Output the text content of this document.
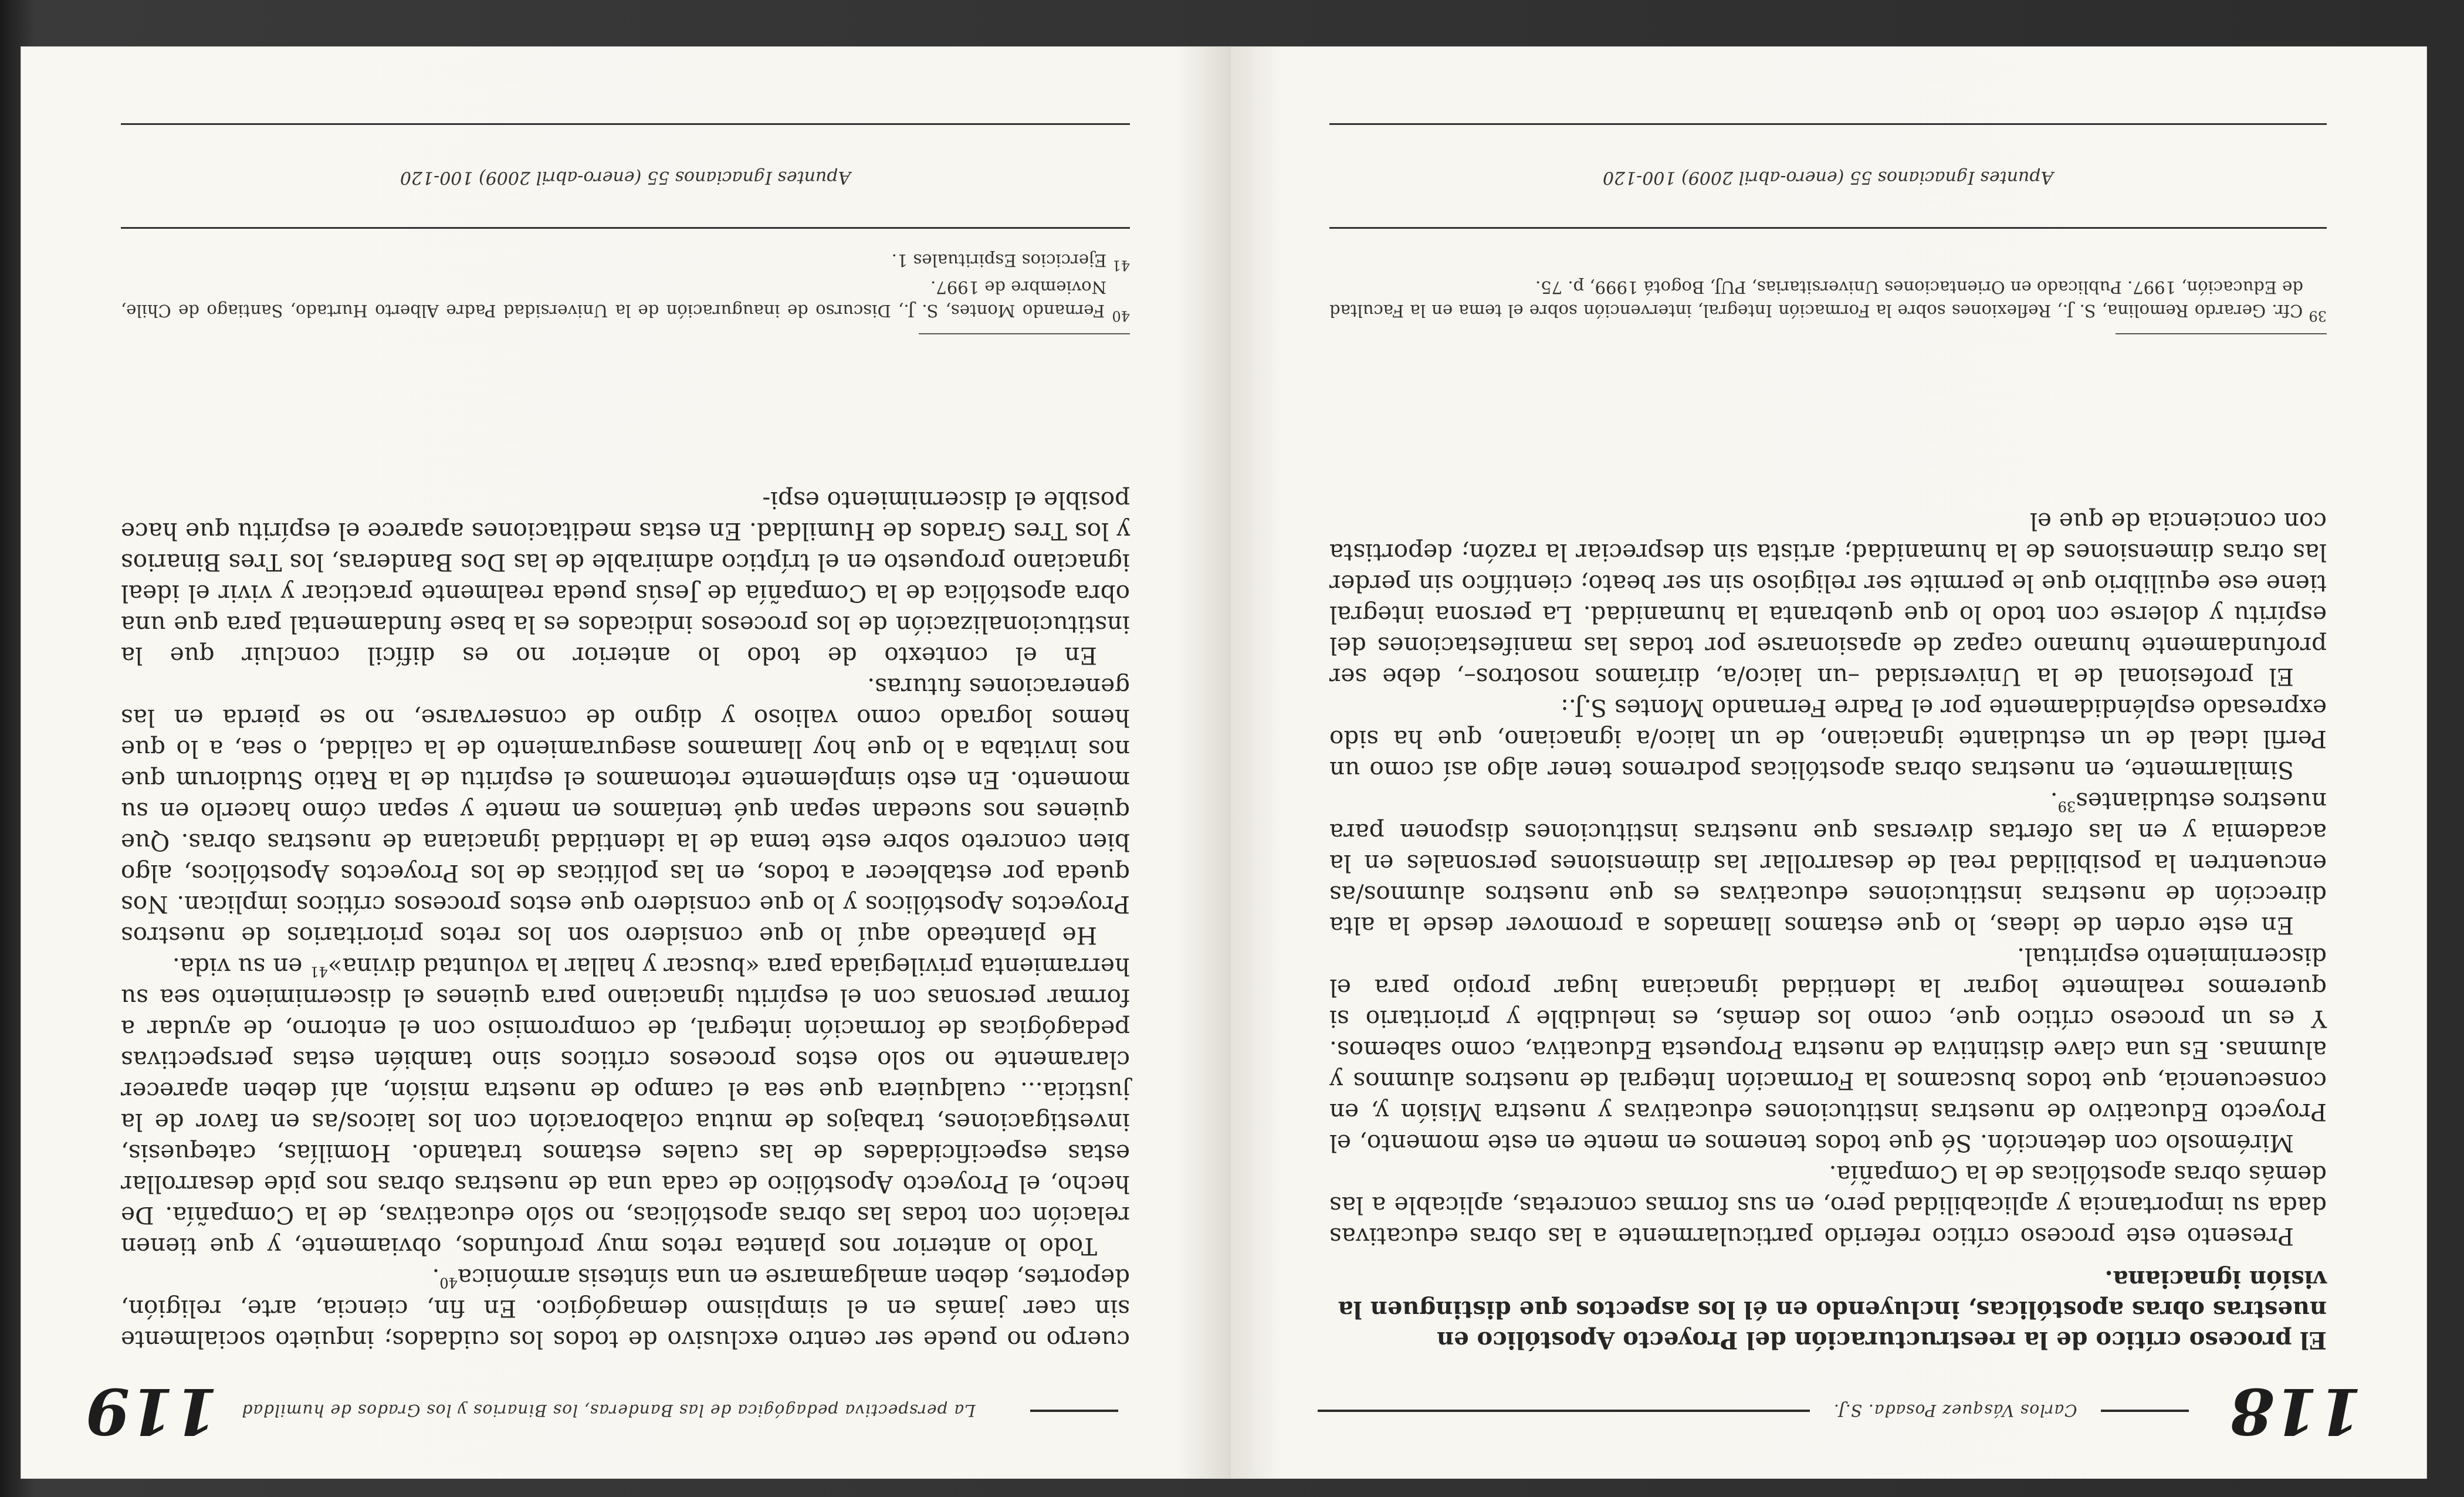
118
Carlos Vásquez Posada. S.J.
El proceso crítico de la reestructuración del Proyecto Apostólico en nuestras obras apostólicas, incluyendo en él los aspectos que distinguen la visión ignaciana.

Presento este proceso crítico referido particularmente a las obras educativas dada su importancia y aplicabilidad pero, en sus formas concretas, aplicable a las demás obras apostólicas de la Compañía.

Mirémoslo con detención. Sé que todos tenemos en mente en este momento, el Proyecto Educativo de nuestras instituciones educativas y nuestra Misión y, en consecuencia, que todos buscamos la Formación Integral de nuestros alumnos y alumnas. Es una clave distintiva de nuestra Propuesta Educativa, como sabemos. Y es un proceso crítico que, como los demás, es ineludible y prioritario si queremos realmente lograr la identidad ignaciana lugar propio para el discernimiento espiritual.

En este orden de ideas, lo que estamos llamados a promover desde la alta dirección de nuestras instituciones educativas es que nuestros alumnos/as encuentren la posibilidad real de desarrollar las dimensiones personales en la academia y en las ofertas diversas que nuestras instituciones disponen para nuestros estudiantes$^{39}$.

Similarmente, en nuestras obras apostólicas podremos tener algo así como un Perfil ideal de un estudiante ignaciano, de un laico/a ignaciano, que ha sido expresado espléndidamente por el Padre Fernando Montes S.J.:

El profesional de la Universidad –un laico/a, diríamos nosotros–, debe ser profundamente humano capaz de apasionarse por todas las manifestaciones del espíritu y dolerse con todo lo que quebranta la humanidad. La persona integral tiene ese equilibrio que le permite ser religioso sin ser beato; científico sin perder las otras dimensiones de la humanidad; artista sin despreciar la razón; deportista con conciencia de que el

$^{39}$ Cfr. Gerardo Remolina, S. J., Reflexiones sobre la Formación Integral, intervención sobre el tema en la Facultad de Educación, 1997. Publicado en Orientaciones Universitarias, PUJ, Bogotá 1999, p. 75.

Apuntes Ignacianos 55 (enero-abril 2009) 100-120
La perspectiva pedagógica de las Banderas, los Binarios y los Grados de humildad
119

cuerpo no puede ser centro exclusivo de todos los cuidados; inquieto socialmente sin caer jamás en el simplismo demagógico. En fin, ciencia, arte, religión, deportes, deben amalgamarse en una síntesis armónica$^{40}$.

Todo lo anterior nos plantea retos muy profundos, obviamente, y que tienen relación con todas las obras apostólicas, no sólo educativas, de la Compañía. De hecho, el Proyecto Apostólico de cada una de nuestras obras nos pide desarrollar estas especificidades de las cuales estamos tratando. Homilías, catequesis, investigaciones, trabajos de mutua colaboración con los laicos/as en favor de la justicia... cualquiera que sea el campo de nuestra misión, ahí deben aparecer claramente no solo estos procesos críticos sino también estas perspectivas pedagógicas de formación integral, de compromiso con el entorno, de ayudar a formar personas con el espíritu ignaciano para quienes el discernimiento sea su herramienta privilegiada para «buscar y hallar la voluntad divina»$^{41}$ en su vida.

He planteado aquí lo que considero son los retos prioritarios de nuestros Proyectos Apostólicos y lo que considero que estos procesos críticos implican. Nos queda por establecer a todos, en las políticas de los Proyectos Apostólicos, algo bien concreto sobre este tema de la identidad ignaciana de nuestras obras. Que quienes nos sucedan sepan qué teníamos en mente y sepan cómo hacerlo en su momento. En esto simplemente retomamos el espíritu de la Ratio Studiorum que nos invitaba a lo que hoy llamamos aseguramiento de la calidad, o sea, a lo que hemos logrado como valioso y digno de conservarse, no se pierda en las generaciones futuras.

En el contexto de todo lo anterior no es difícil concluir que la institucionalización de los procesos indicados es la base fundamental para que una obra apostólica de la Compañía de Jesús pueda realmente practicar y vivir el ideal ignaciano propuesto en el tríptico admirable de las Dos Banderas, los Tres Binarios y los Tres Grados de Humildad. En estas meditaciones aparece el espíritu que hace posible el discernimiento espi-

$^{40}$ Fernando Montes, S. J., Discurso de inauguración de la Universidad Padre Alberto Hurtado, Santiago de Chile, Noviembre de 1997.

$^{41}$ Ejercicios Espirituales 1.

Apuntes Ignacianos 55 (enero-abril 2009) 100-120
